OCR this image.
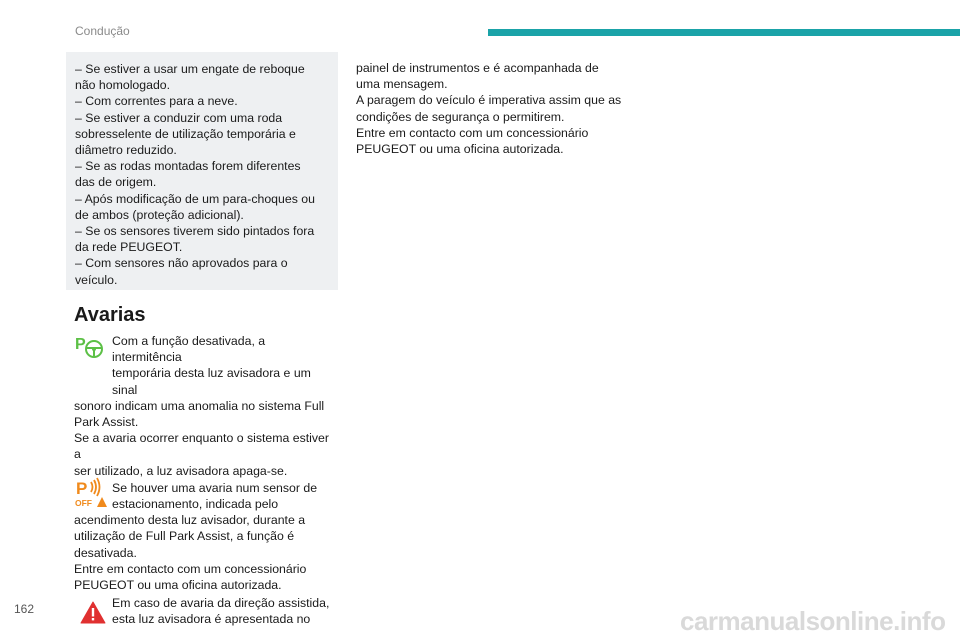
Condução

– Se estiver a usar um engate de reboque

não homologado.

– Com correntes para a neve.

– Se estiver a conduzir com uma roda

sobresselente de utilização temporária e

diâmetro reduzido.

– Se as rodas montadas forem diferentes

das de origem.

– Após modificação de um para-choques ou

de ambos (proteção adicional).

– Se os sensores tiverem sido pintados fora

da rede PEUGEOT.

– Com sensores não aprovados para o

veículo.

Avarias
P	Com a função desativada, a intermitência

temporária desta luz avisadora e um sinal

sonoro indicam uma anomalia no sistema Full

Park Assist.

Se a avaria ocorrer enquanto o sistema estiver a

ser utilizado, a luz avisadora apaga-se.

P
OFF

Se houver uma avaria num sensor de

estacionamento, indicada pelo

acendimento desta luz avisador, durante a

utilização de Full Park Assist, a função é

desativada.

Entre em contacto com um concessionário

PEUGEOT ou uma oficina autorizada.

Em caso de avaria da direção assistida,

esta luz avisadora é apresentada no

painel de instrumentos e é acompanhada de

uma mensagem.

A paragem do veículo é imperativa assim que as

condições de segurança o permitirem.

Entre em contacto com um concessionário

PEUGEOT ou uma oficina autorizada.

162	carmanualsonline.info
